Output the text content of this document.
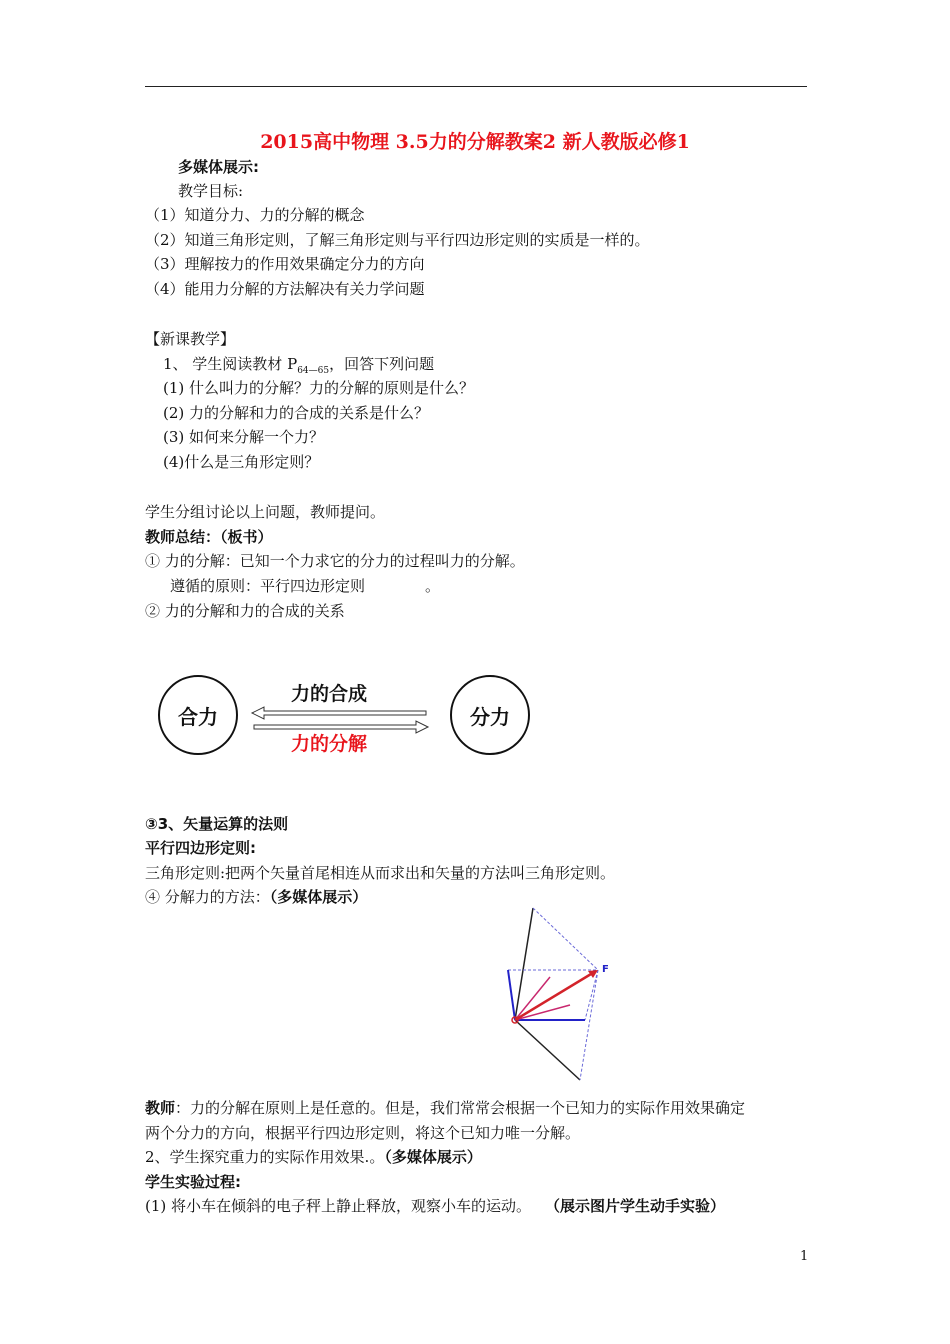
2015高中物理 3.5力的分解教案2 新人教版必修1
多媒体展示:
教学目标:
（1）知道分力、力的分解的概念
（2）知道三角形定则，了解三角形定则与平行四边形定则的实质是一样的。
（3）理解按力的作用效果确定分力的方向
（4）能用力分解的方法解决有关力学问题
【新课教学】
1、 学生阅读教材 $P_{64—65}$，回答下列问题
(1) 什么叫力的分解？力的分解的原则是什么？
(2) 力的分解和力的合成的关系是什么？
(3) 如何来分解一个力？
(4)什么是三角形定则？
学生分组讨论以上问题，教师提问。
教师总结：（板书）
① 力的分解：已知一个力求它的分力的过程叫力的分解。
遵循的原则：平行四边形定则	。
② 力的分解和力的合成的关系
合力	分力
力的合成
力的分解
③3、矢量运算的法则
平行四边形定则:
三角形定则:把两个矢量首尾相连从而求出和矢量的方法叫三角形定则。
④ 分解力的方法：（多媒体展示）
F
教师：力的分解在原则上是任意的。但是，我们常常会根据一个已知力的实际作用效果确定
两个分力的方向，根据平行四边形定则，将这个已知力唯一分解。
2、学生探究重力的实际作用效果.。（多媒体展示）
学生实验过程:
(1) 将小车在倾斜的电子秤上静止释放，观察小车的运动。 （展示图片学生动手实验）
1
